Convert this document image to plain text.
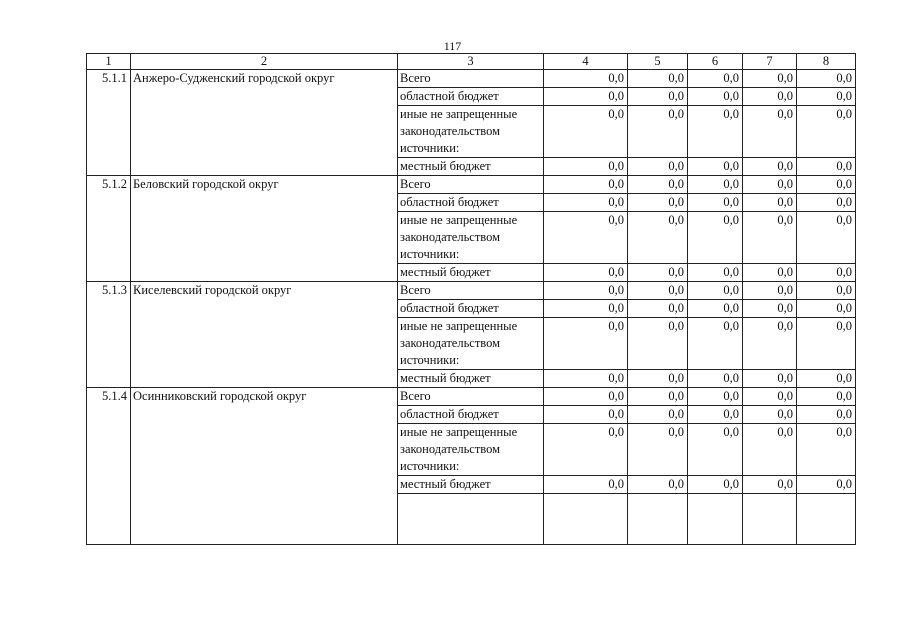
117
1	2	3	4	5	6	7	8
5.1.1	Анжеро-Судженский городской округ	Всего	0,0	0,0	0,0	0,0	0,0
		областной бюджет	0,0	0,0	0,0	0,0	0,0
		иные не запрещенные законодательством источники:	0,0	0,0	0,0	0,0	0,0
		местный бюджет	0,0	0,0	0,0	0,0	0,0
5.1.2	Беловский городской округ	Всего	0,0	0,0	0,0	0,0	0,0
		областной бюджет	0,0	0,0	0,0	0,0	0,0
		иные не запрещенные законодательством источники:	0,0	0,0	0,0	0,0	0,0
		местный бюджет	0,0	0,0	0,0	0,0	0,0
5.1.3	Киселевский городской округ	Всего	0,0	0,0	0,0	0,0	0,0
		областной бюджет	0,0	0,0	0,0	0,0	0,0
		иные не запрещенные законодательством источники:	0,0	0,0	0,0	0,0	0,0
		местный бюджет	0,0	0,0	0,0	0,0	0,0
5.1.4	Осинниковский городской округ	Всего	0,0	0,0	0,0	0,0	0,0
		областной бюджет	0,0	0,0	0,0	0,0	0,0
		иные не запрещенные законодательством источники:	0,0	0,0	0,0	0,0	0,0
		местный бюджет	0,0	0,0	0,0	0,0	0,0
